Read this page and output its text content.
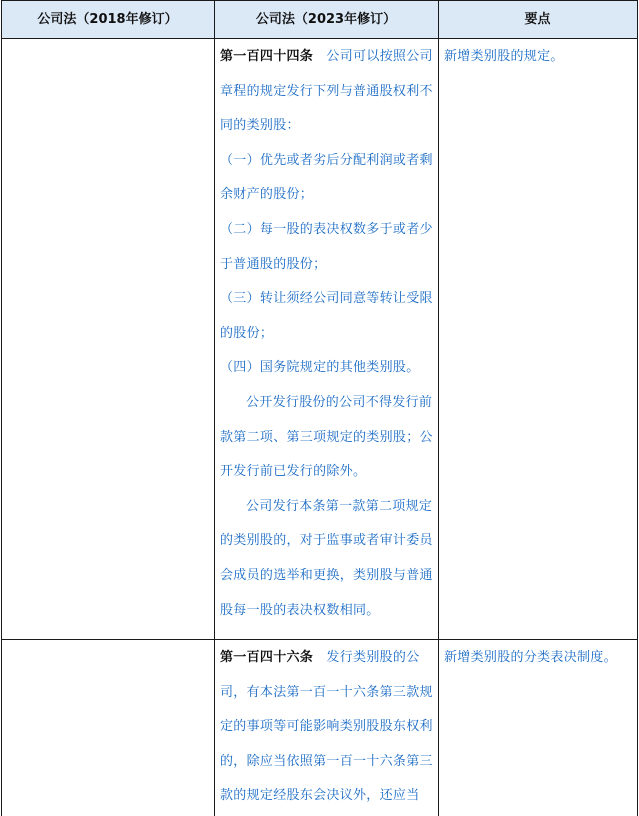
公司法（2018年修订）	公司法（2023年修订）	要点

第一百四十四条 公司可以按照公司章程的规定发行下列与普通股权利不同的类别股：

（一）优先或者劣后分配利润或者剩余财产的股份；

（二）每一股的表决权数多于或者少于普通股的股份；

（三）转让须经公司同意等转让受限的股份；

（四）国务院规定的其他类别股。

公开发行股份的公司不得发行前款第二项、第三项规定的类别股；公开发行前已发行的除外。

公司发行本条第一款第二项规定的类别股的，对于监事或者审计委员会成员的选举和更换，类别股与普通股每一股的表决权数相同。

新增类别股的规定。

第一百四十六条 发行类别股的公司，有本法第一百一十六条第三款规定的事项等可能影响类别股股东权利的，除应当依照第一百一十六条第三款的规定经股东会决议外，还应当

新增类别股的分类表决制度。
